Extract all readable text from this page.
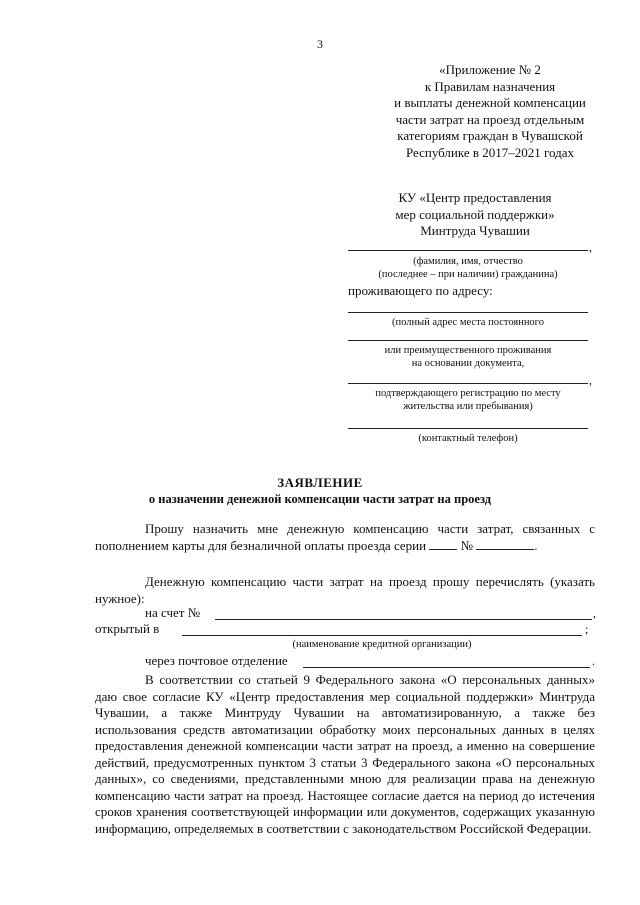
3
«Приложение № 2
к Правилам назначения
и выплаты денежной компенсации
части затрат на проезд отдельным
категориям граждан в Чувашской
Республике в 2017–2021 годах
КУ «Центр предоставления
мер социальной поддержки»
Минтруда Чувашии
,
(фамилия, имя, отчество
(последнее – при наличии) гражданина)
проживающего по адресу:
(полный адрес места постоянного
или преимущественного проживания
на основании документа,
,
подтверждающего регистрацию по месту
жительства или пребывания)
(контактный телефон)
ЗАЯВЛЕНИЕ
о назначении денежной компенсации части затрат на проезд
Прошу назначить мне денежную компенсацию части затрат, связанных с пополнением карты для безналичной оплаты проезда серии	№	.
Денежную компенсацию части затрат на проезд прошу перечислять (указать нужное):
на счет №	,
открытый в	;
(наименование кредитной организации)
через почтовое отделение	.
В соответствии со статьей 9 Федерального закона «О персональных данных» даю свое согласие КУ «Центр предоставления мер социальной поддержки» Минтруда Чувашии, а также Минтруду Чувашии на автоматизированную, а также без использования средств автоматизации обработку моих персональных данных в целях предоставления денежной компенсации части затрат на проезд, а именно на совершение действий, предусмотренных пунктом 3 статьи 3 Федерального закона «О персональных данных», со сведениями, представленными мною для реализации права на денежную компенсацию части затрат на проезд. Настоящее согласие дается на период до истечения сроков хранения соответствующей информации или документов, содержащих указанную информацию, определяемых в соответствии с законодательством Российской Федерации.
